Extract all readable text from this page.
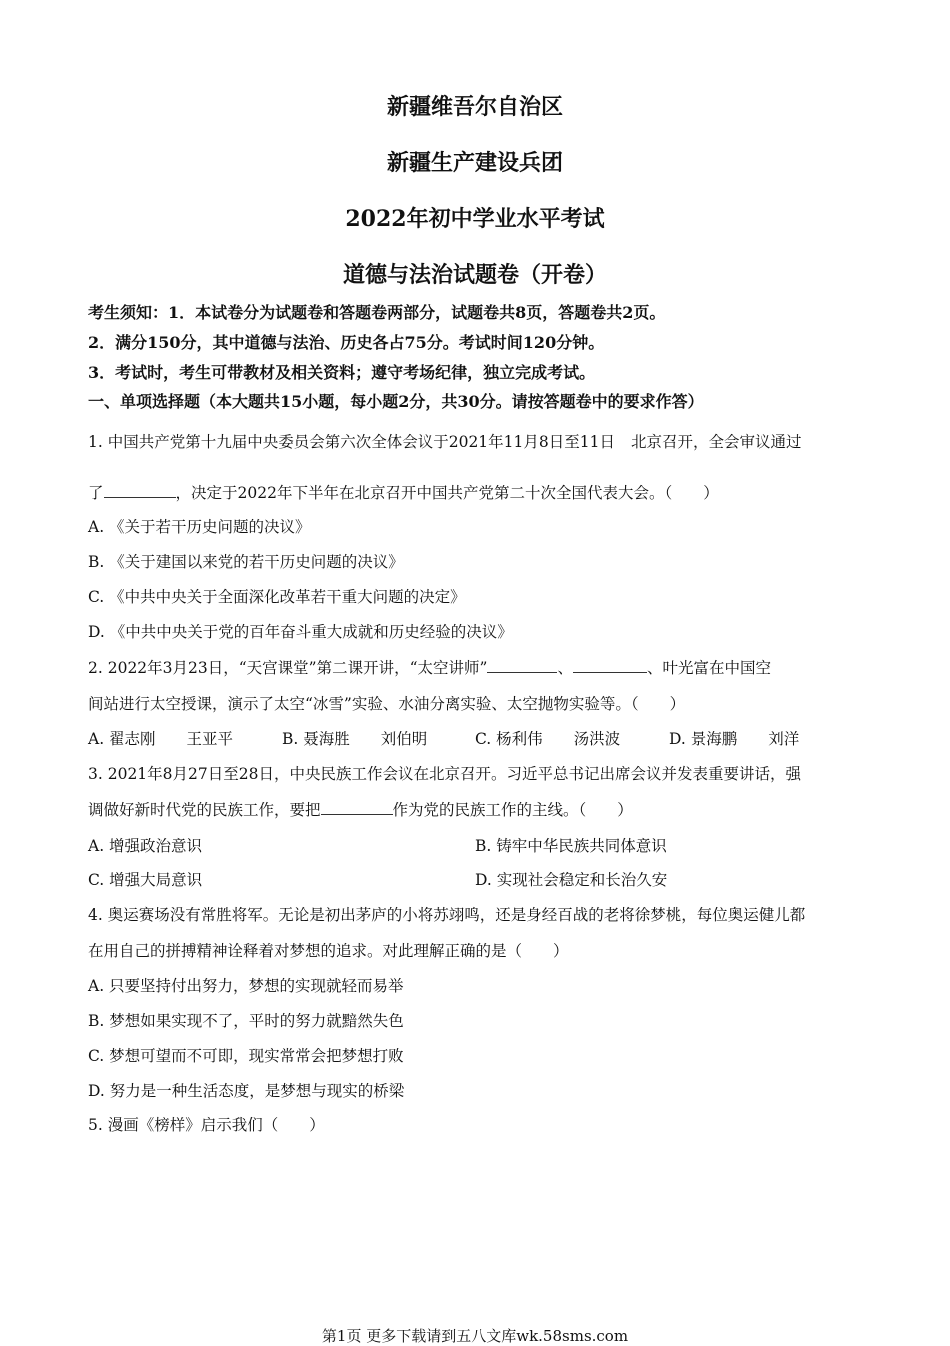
新疆维吾尔自治区
新疆生产建设兵团
2022年初中学业水平考试
道德与法治试题卷（开卷）
考生须知：1．本试卷分为试题卷和答题卷两部分，试题卷共8页，答题卷共2页。
2．满分150分，其中道德与法治、历史各占75分。考试时间120分钟。
3．考试时，考生可带教材及相关资料；遵守考场纪律，独立完成考试。
一、单项选择题（本大题共15小题，每小题2分，共30分。请按答题卷中的要求作答）
1. 中国共产党第十九届中央委员会第六次全体会议于2021年11月8日至11日 北京召开，全会审议通过
了	，决定于2022年下半年在北京召开中国共产党第二十次全国代表大会。（　　）
A. 《关于若干历史问题的决议》
B. 《关于建国以来党的若干历史问题的决议》
C. 《中共中央关于全面深化改革若干重大问题的决定》
D. 《中共中央关于党的百年奋斗重大成就和历史经验的决议》
2. 2022年3月23日，“天宫课堂”第二课开讲，“太空讲师”	、	、叶光富在中国空
间站进行太空授课，演示了太空“冰雪”实验、水油分离实验、太空抛物实验等。（　　）
A. 翟志刚　　王亚平	B. 聂海胜　　刘伯明	C. 杨利伟　　汤洪波	D. 景海鹏　　刘洋
3. 2021年8月27日至28日，中央民族工作会议在北京召开。习近平总书记出席会议并发表重要讲话，强
调做好新时代党的民族工作，要把	作为党的民族工作的主线。（　　）
A. 增强政治意识	B. 铸牢中华民族共同体意识
C. 增强大局意识	D. 实现社会稳定和长治久安
4. 奥运赛场没有常胜将军。无论是初出茅庐的小将苏翊鸣，还是身经百战的老将徐梦桃，每位奥运健儿都
在用自己的拼搏精神诠释着对梦想的追求。对此理解正确的是（　　）
A. 只要坚持付出努力，梦想的实现就轻而易举
B. 梦想如果实现不了，平时的努力就黯然失色
C. 梦想可望而不可即，现实常常会把梦想打败
D. 努力是一种生活态度，是梦想与现实的桥梁
5. 漫画《榜样》启示我们（　　）
第1页 更多下载请到五八文库wk.58sms.com
